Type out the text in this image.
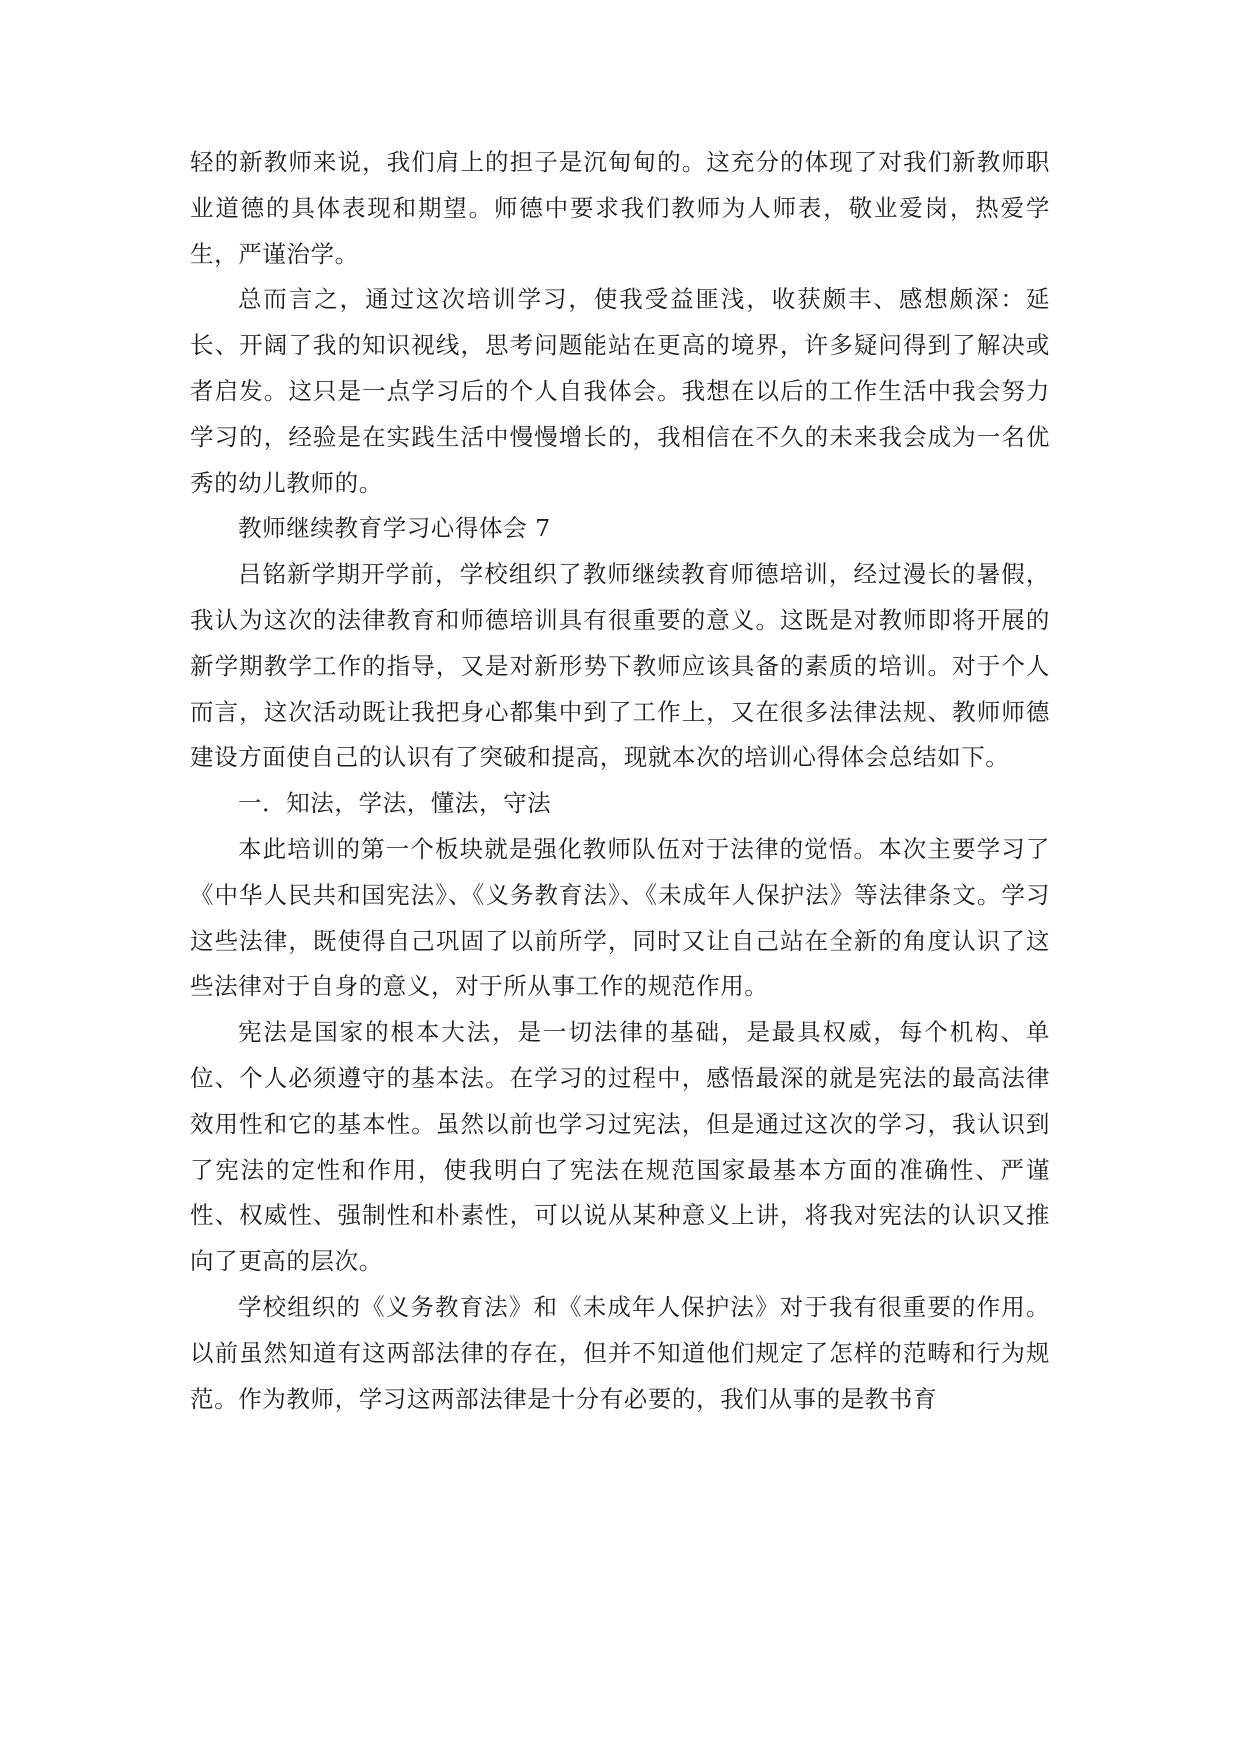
轻的新教师来说，我们肩上的担子是沉甸甸的。这充分的体现了对我们新教师职业道德的具体表现和期望。师德中要求我们教师为人师表，敬业爱岗，热爱学生，严谨治学。

总而言之，通过这次培训学习，使我受益匪浅，收获颇丰、感想颇深：延长、开阔了我的知识视线，思考问题能站在更高的境界，许多疑问得到了解决或者启发。这只是一点学习后的个人自我体会。我想在以后的工作生活中我会努力学习的，经验是在实践生活中慢慢增长的，我相信在不久的未来我会成为一名优秀的幼儿教师的。

教师继续教育学习心得体会 7

吕铭新学期开学前，学校组织了教师继续教育师德培训，经过漫长的暑假，我认为这次的法律教育和师德培训具有很重要的意义。这既是对教师即将开展的新学期教学工作的指导，又是对新形势下教师应该具备的素质的培训。对于个人而言，这次活动既让我把身心都集中到了工作上，又在很多法律法规、教师师德建设方面使自己的认识有了突破和提高，现就本次的培训心得体会总结如下。

一．知法，学法，懂法，守法

本此培训的第一个板块就是强化教师队伍对于法律的觉悟。本次主要学习了《中华人民共和国宪法》、《义务教育法》、《未成年人保护法》等法律条文。学习这些法律，既使得自己巩固了以前所学，同时又让自己站在全新的角度认识了这些法律对于自身的意义，对于所从事工作的规范作用。

宪法是国家的根本大法，是一切法律的基础，是最具权威，每个机构、单位、个人必须遵守的基本法。在学习的过程中，感悟最深的就是宪法的最高法律效用性和它的基本性。虽然以前也学习过宪法，但是通过这次的学习，我认识到了宪法的定性和作用，使我明白了宪法在规范国家最基本方面的准确性、严谨性、权威性、强制性和朴素性，可以说从某种意义上讲，将我对宪法的认识又推向了更高的层次。

学校组织的《义务教育法》和《未成年人保护法》对于我有很重要的作用。以前虽然知道有这两部法律的存在，但并不知道他们规定了怎样的范畴和行为规范。作为教师，学习这两部法律是十分有必要的，我们从事的是教书育
